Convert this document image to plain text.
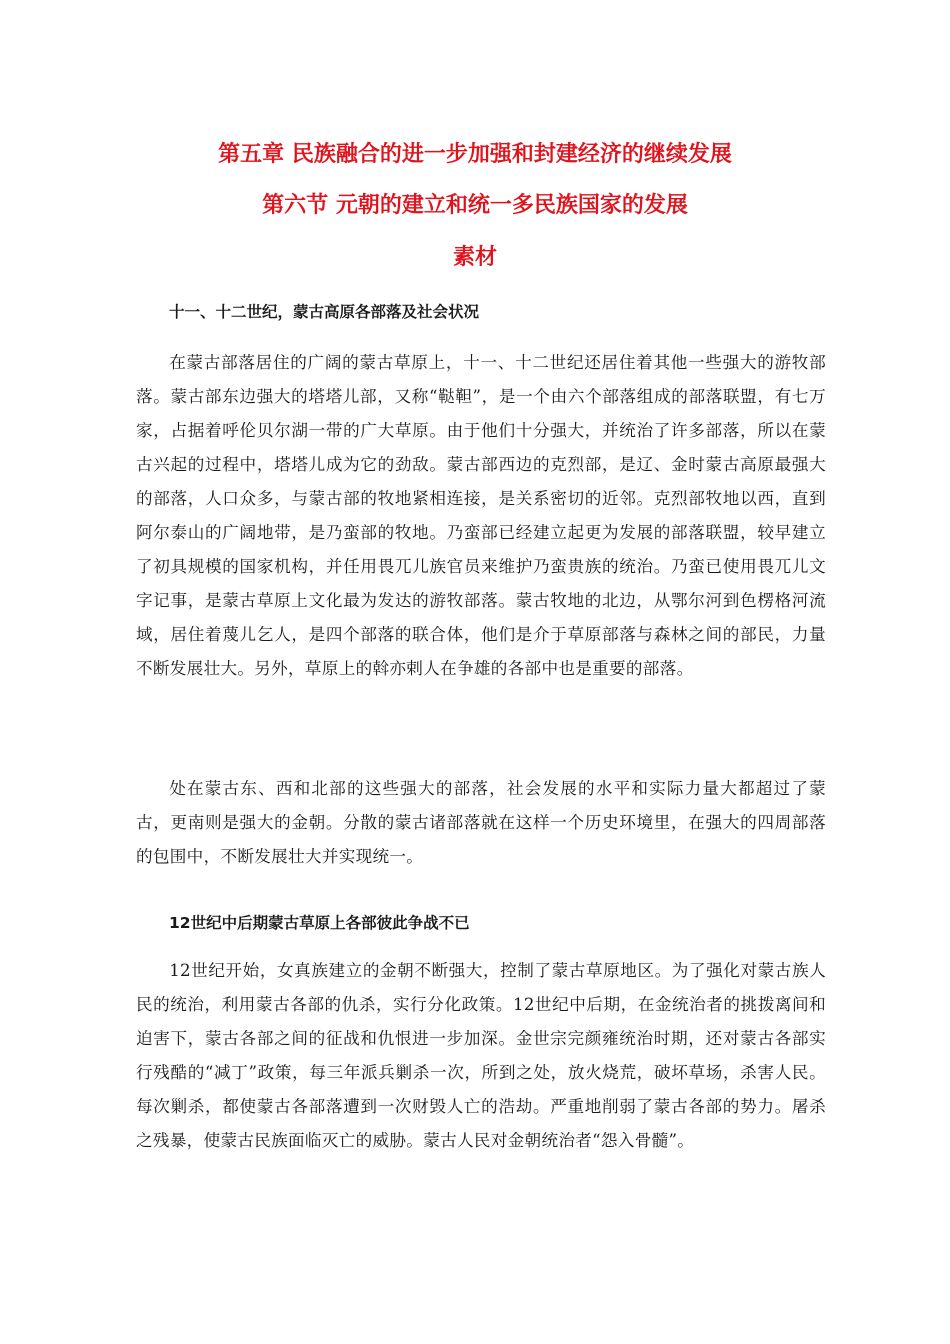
第五章 民族融合的进一步加强和封建经济的继续发展
第六节 元朝的建立和统一多民族国家的发展
素材
十一、十二世纪，蒙古高原各部落及社会状况

在蒙古部落居住的广阔的蒙古草原上，十一、十二世纪还居住着其他一些强大的游牧部落。蒙古部东边强大的塔塔儿部，又称“鞑靼”，是一个由六个部落组成的部落联盟，有七万家，占据着呼伦贝尔湖一带的广大草原。由于他们十分强大，并统治了许多部落，所以在蒙古兴起的过程中，塔塔儿成为它的劲敌。蒙古部西边的克烈部，是辽、金时蒙古高原最强大的部落，人口众多，与蒙古部的牧地紧相连接，是关系密切的近邻。克烈部牧地以西，直到阿尔泰山的广阔地带，是乃蛮部的牧地。乃蛮部已经建立起更为发展的部落联盟，较早建立了初具规模的国家机构，并任用畏兀儿族官员来维护乃蛮贵族的统治。乃蛮已使用畏兀儿文字记事，是蒙古草原上文化最为发达的游牧部落。蒙古牧地的北边，从鄂尔河到色楞格河流域，居住着蔑儿乞人，是四个部落的联合体，他们是介于草原部落与森林之间的部民，力量不断发展壮大。另外，草原上的斡亦剌人在争雄的各部中也是重要的部落。

处在蒙古东、西和北部的这些强大的部落，社会发展的水平和实际力量大都超过了蒙古，更南则是强大的金朝。分散的蒙古诸部落就在这样一个历史环境里，在强大的四周部落的包围中，不断发展壮大并实现统一。

12世纪中后期蒙古草原上各部彼此争战不已

12世纪开始，女真族建立的金朝不断强大，控制了蒙古草原地区。为了强化对蒙古族人民的统治，利用蒙古各部的仇杀，实行分化政策。12世纪中后期，在金统治者的挑拨离间和迫害下，蒙古各部之间的征战和仇恨进一步加深。金世宗完颜雍统治时期，还对蒙古各部实行残酷的“减丁”政策，每三年派兵剿杀一次，所到之处，放火烧荒，破坏草场，杀害人民。每次剿杀，都使蒙古各部落遭到一次财毁人亡的浩劫。严重地削弱了蒙古各部的势力。屠杀之残暴，使蒙古民族面临灭亡的威胁。蒙古人民对金朝统治者“怨入骨髓”。
